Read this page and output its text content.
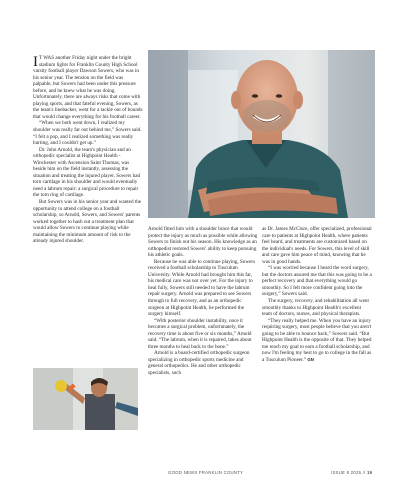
I T WAS another Friday night under the bright stadium lights for Franklin County High School varsity football player Dawson Sowers, who was in his senior year. The tension on the field was palpable, but Sowers had been under this pressure before, and he knew what he was doing. Unfortunately, there are always risks that come with playing sports, and that fateful evening, Sowers, as the team's linebacker, went for a tackle out of bounds that would change everything for his football career.

“When we both went down, I realized my shoulder was really far out behind me,” Sowers said. “I felt a pop, and I realized something was really hurting, and I couldn't get up.”

Dr. John Arnold, the team's physician and an orthopedic specialist at Highpoint Health - Winchester with Ascension Saint Thomas, was beside him on the field instantly, assessing the situation and treating the injured player. Sowers had torn cartilage in his shoulder and would eventually need a labrum repair: a surgical procedure to repair the torn ring of cartilage.

But Sowers was in his senior year and wanted the opportunity to attend college on a football scholarship, so Arnold, Sowers, and Sowers' parents worked together to hash out a treatment plan that would allow Sowers to continue playing while maintaining the minimum amount of risk to the already injured shoulder.

Arnold fitted him with a shoulder brace that would protect the injury as much as possible while allowing Sowers to finish out his season. His knowledge as an orthopedist restored Sowers' ability to keep pursuing his athletic goals.

Because he was able to continue playing, Sowers received a football scholarship to Tusculum University. While Arnold had brought him this far, his medical care was not over yet. For the injury to heal fully, Sowers still needed to have the labrum repair surgery. Arnold was prepared to see Sowers through to full recovery, and as an orthopedic surgeon at Highpoint Health, he performed the surgery himself.

“With posterior shoulder instability, once it becomes a surgical problem, unfortunately, the recovery time is about five or six months,” Arnold said. “The labrum, when it is repaired, takes about three months to heal back to the bone.”

Arnold is a board-certified orthopedic surgeon specializing in orthopedic sports medicine and general orthopedics. He and other orthopedic specialists, such

as Dr. James McClure, offer specialized, professional care to patients at Highpoint Health, where patients feel heard, and treatments are customized based on the individual's needs. For Sowers, this level of skill and care gave him peace of mind, knowing that he was in good hands.

“I was worried because I heard the word surgery, but the doctors assured me that this was going to be a perfect recovery and that everything would go smoothly. So I felt more confident going into the surgery,” Sowers said.

The surgery, recovery, and rehabilitation all went smoothly thanks to Highpoint Health's excellent team of doctors, nurses, and physical therapists.

“They really helped me. When you have an injury requiring surgery, most people believe that you aren't going to be able to bounce back,” Sowers said. “But Highpoint Health is the opposite of that. They helped me reach my goal to earn a football scholarship, and now I'm feeling my best to go to college in the fall as a Tusculum Pioneer.” GN

GOOD NEWS FRANKLIN COUNTY	ISSUE 8 2025 // 19
